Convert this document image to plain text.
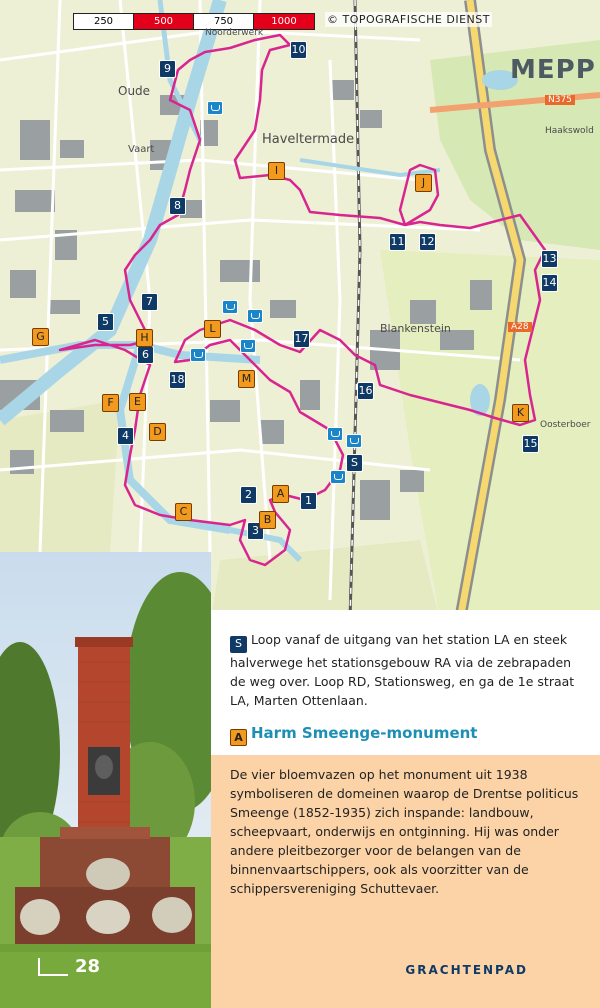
250	500	750	1000	© TOPOGRAFISCHE DIENST
MEPP
Oude
Haveltermade
Blankenstein
Noorderwerk
Haakswold
Vaart
Oosterboer
N375
A28
1
2
3
4
5
6
7
8
9
10
11 12
13
14
15
16
17
18
S
A
B
C
D
E
F
G	H
I
J
K
L
M
28
S Loop vanaf de uitgang van het station LA en steek halverwege het stationsgebouw RA via de zebrapaden de weg over. Loop RD, Stationsweg, en ga de 1e straat LA, Marten Ottenlaan.
A Harm Smeenge-monument

De vier bloemvazen op het monument uit 1938 symboliseren de domeinen waarop de Drentse politicus Smeenge (1852-1935) zich inspande: landbouw, scheepvaart, onderwijs en ontginning. Hij was onder andere pleitbezorger voor de belangen van de binnenvaartschippers, ook als voorzitter van de schippersvereniging Schuttevaer.

GRACHTENPAD
